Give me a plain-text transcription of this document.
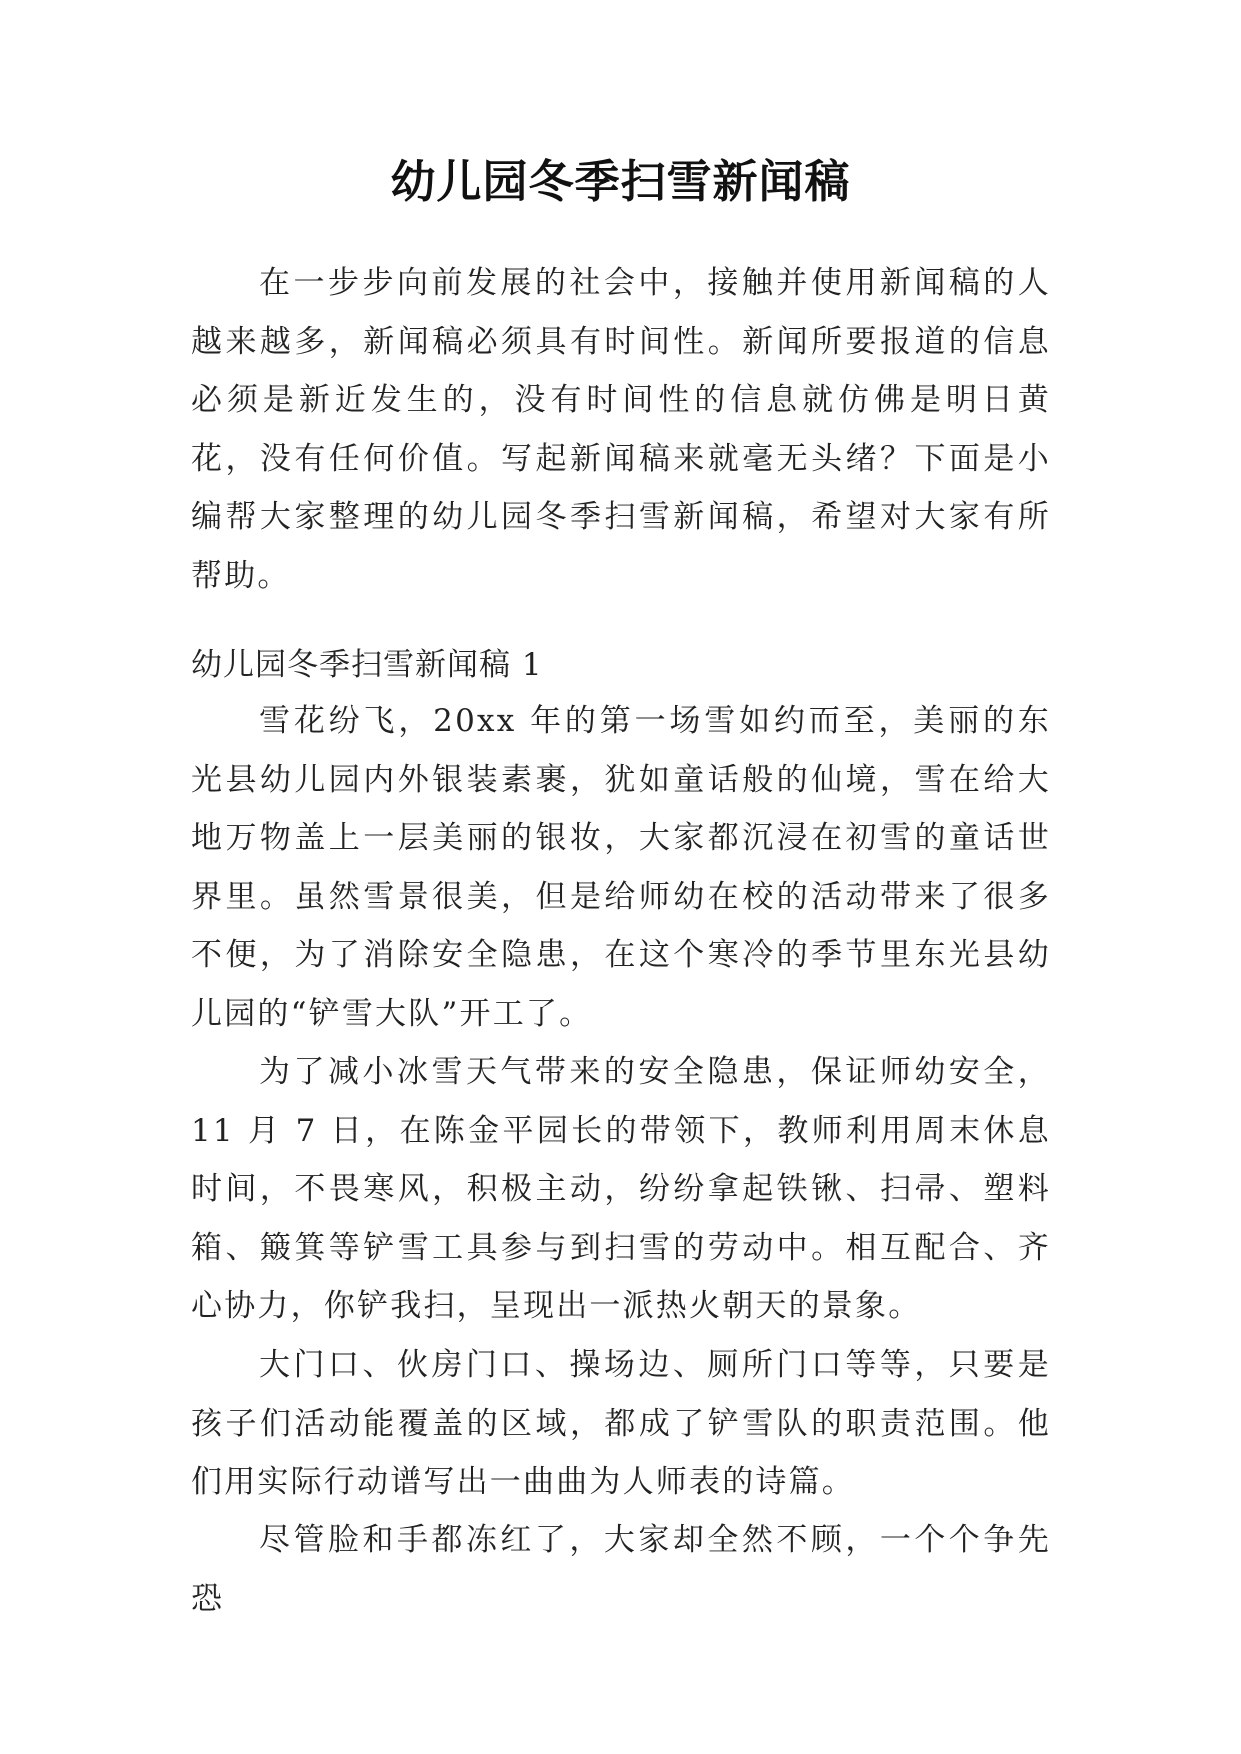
幼儿园冬季扫雪新闻稿

在一步步向前发展的社会中，接触并使用新闻稿的人越来越多，新闻稿必须具有时间性。新闻所要报道的信息必须是新近发生的，没有时间性的信息就仿佛是明日黄花，没有任何价值。写起新闻稿来就毫无头绪？下面是小编帮大家整理的幼儿园冬季扫雪新闻稿，希望对大家有所帮助。

幼儿园冬季扫雪新闻稿 1

雪花纷飞，20xx 年的第一场雪如约而至，美丽的东光县幼儿园内外银装素裹，犹如童话般的仙境，雪在给大地万物盖上一层美丽的银妆，大家都沉浸在初雪的童话世界里。虽然雪景很美，但是给师幼在校的活动带来了很多不便，为了消除安全隐患，在这个寒冷的季节里东光县幼儿园的“铲雪大队”开工了。

为了减小冰雪天气带来的安全隐患，保证师幼安全，11 月 7 日，在陈金平园长的带领下，教师利用周末休息时间，不畏寒风，积极主动，纷纷拿起铁锹、扫帚、塑料箱、簸箕等铲雪工具参与到扫雪的劳动中。相互配合、齐心协力，你铲我扫，呈现出一派热火朝天的景象。

大门口、伙房门口、操场边、厕所门口等等，只要是孩子们活动能覆盖的区域，都成了铲雪队的职责范围。他们用实际行动谱写出一曲曲为人师表的诗篇。

尽管脸和手都冻红了，大家却全然不顾，一个个争先恐
